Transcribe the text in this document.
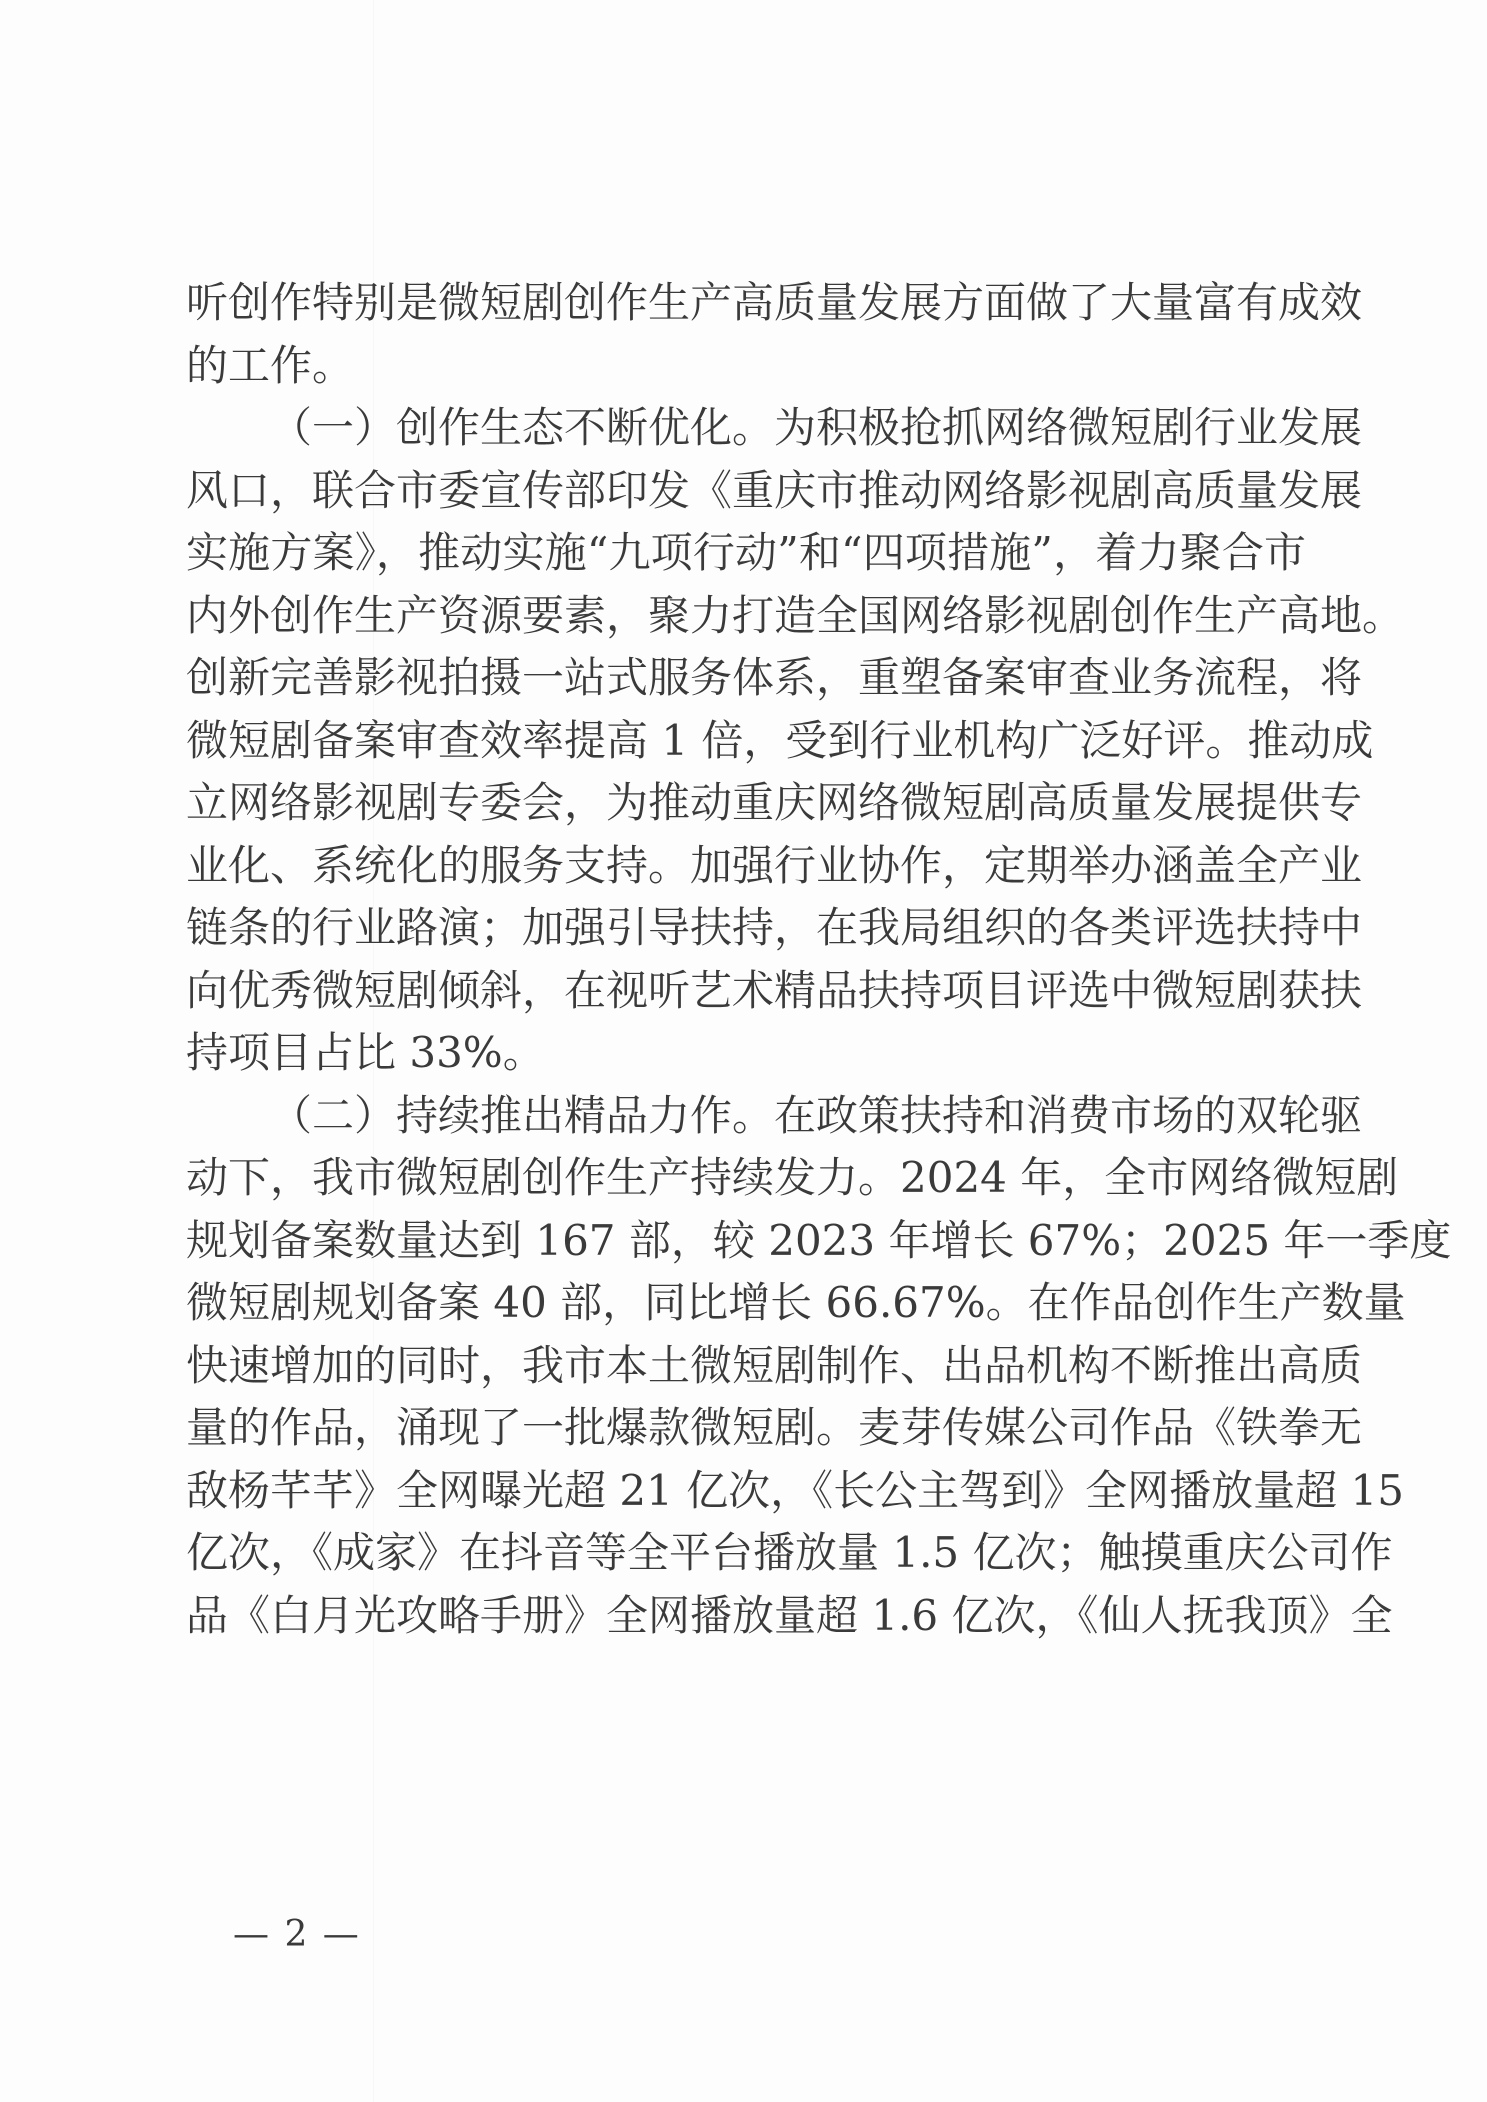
听创作特别是微短剧创作生产高质量发展方面做了大量富有成效
的工作。
（一）创作生态不断优化。为积极抢抓网络微短剧行业发展
风口，联合市委宣传部印发《重庆市推动网络影视剧高质量发展
实施方案》，推动实施“九项行动”和“四项措施”，着力聚合市
内外创作生产资源要素，聚力打造全国网络影视剧创作生产高地。
创新完善影视拍摄一站式服务体系，重塑备案审查业务流程，将
微短剧备案审查效率提高 1 倍，受到行业机构广泛好评。推动成
立网络影视剧专委会，为推动重庆网络微短剧高质量发展提供专
业化、系统化的服务支持。加强行业协作，定期举办涵盖全产业
链条的行业路演；加强引导扶持，在我局组织的各类评选扶持中
向优秀微短剧倾斜，在视听艺术精品扶持项目评选中微短剧获扶
持项目占比 33%。
（二）持续推出精品力作。在政策扶持和消费市场的双轮驱
动下，我市微短剧创作生产持续发力。2024 年，全市网络微短剧
规划备案数量达到 167 部，较 2023 年增长 67%；2025 年一季度
微短剧规划备案 40 部，同比增长 66.67%。在作品创作生产数量
快速增加的同时，我市本土微短剧制作、出品机构不断推出高质
量的作品，涌现了一批爆款微短剧。麦芽传媒公司作品《铁拳无
敌杨芊芊》全网曝光超 21 亿次，《长公主驾到》全网播放量超 15
亿次，《成家》在抖音等全平台播放量 1.5 亿次；触摸重庆公司作
品《白月光攻略手册》全网播放量超 1.6 亿次，《仙人抚我顶》全
— 2 —
